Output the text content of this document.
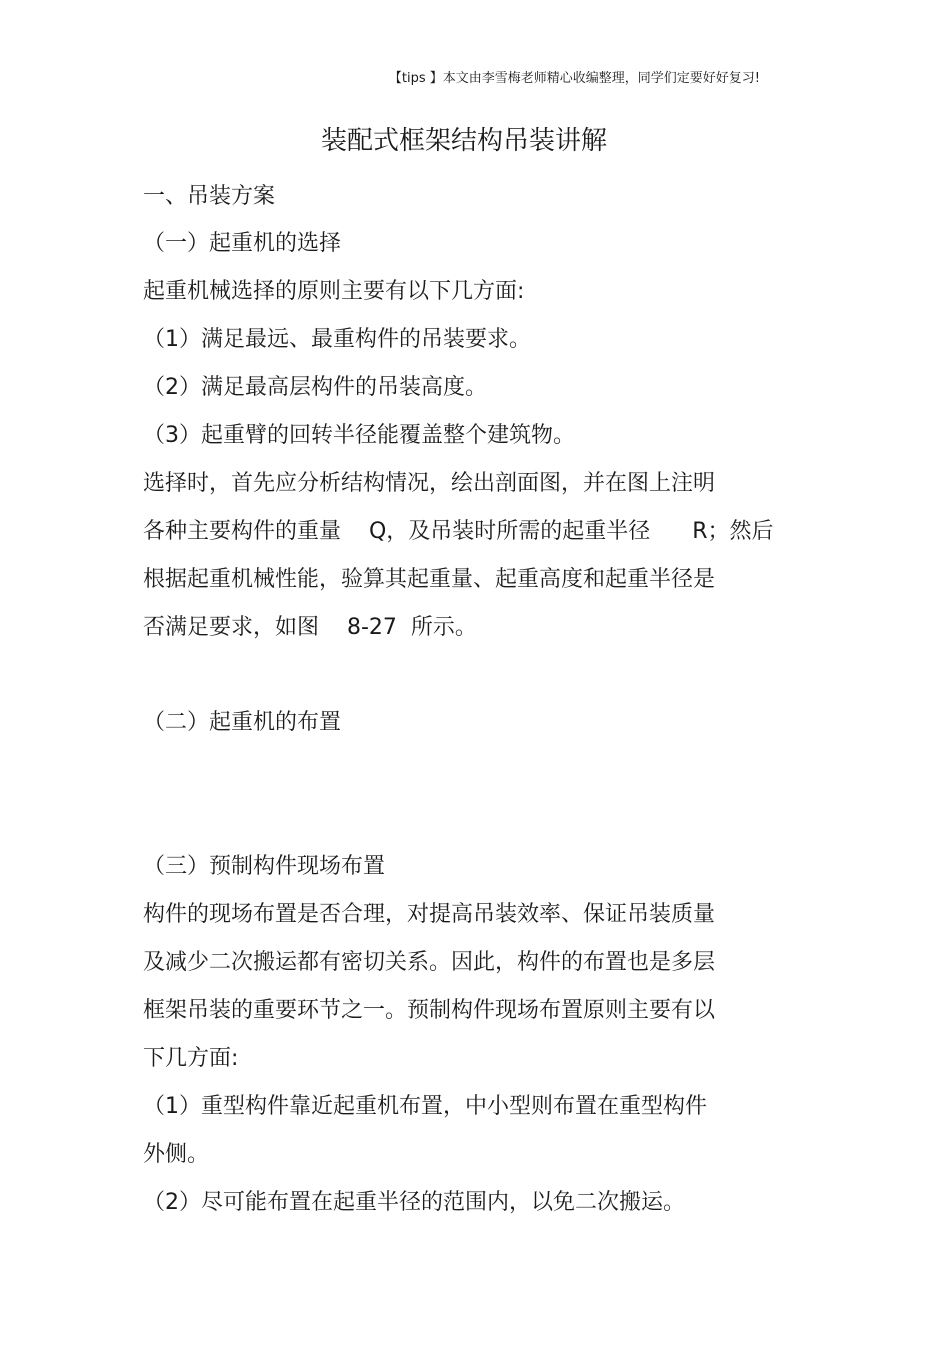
【tips 】本文由李雪梅老师精心收编整理，同学们定要好好复习!
装配式框架结构吊装讲解
一、吊装方案
（一）起重机的选择
起重机械选择的原则主要有以下几方面:
（1）满足最远、最重构件的吊装要求。
（2）满足最高层构件的吊装高度。
（3）起重臂的回转半径能覆盖整个建筑物。
选择时，首先应分析结构情况，绘出剖面图，并在图上注明
各种主要构件的重量    Q，及吊装时所需的起重半径      R；然后
根据起重机械性能，验算其起重量、起重高度和起重半径是
否满足要求，如图    8-27  所示。
（二）起重机的布置
（三）预制构件现场布置
构件的现场布置是否合理，对提高吊装效率、保证吊装质量
及减少二次搬运都有密切关系。因此，构件的布置也是多层
框架吊装的重要环节之一。预制构件现场布置原则主要有以
下几方面:
（1）重型构件靠近起重机布置，中小型则布置在重型构件
外侧。
（2）尽可能布置在起重半径的范围内，以免二次搬运。
